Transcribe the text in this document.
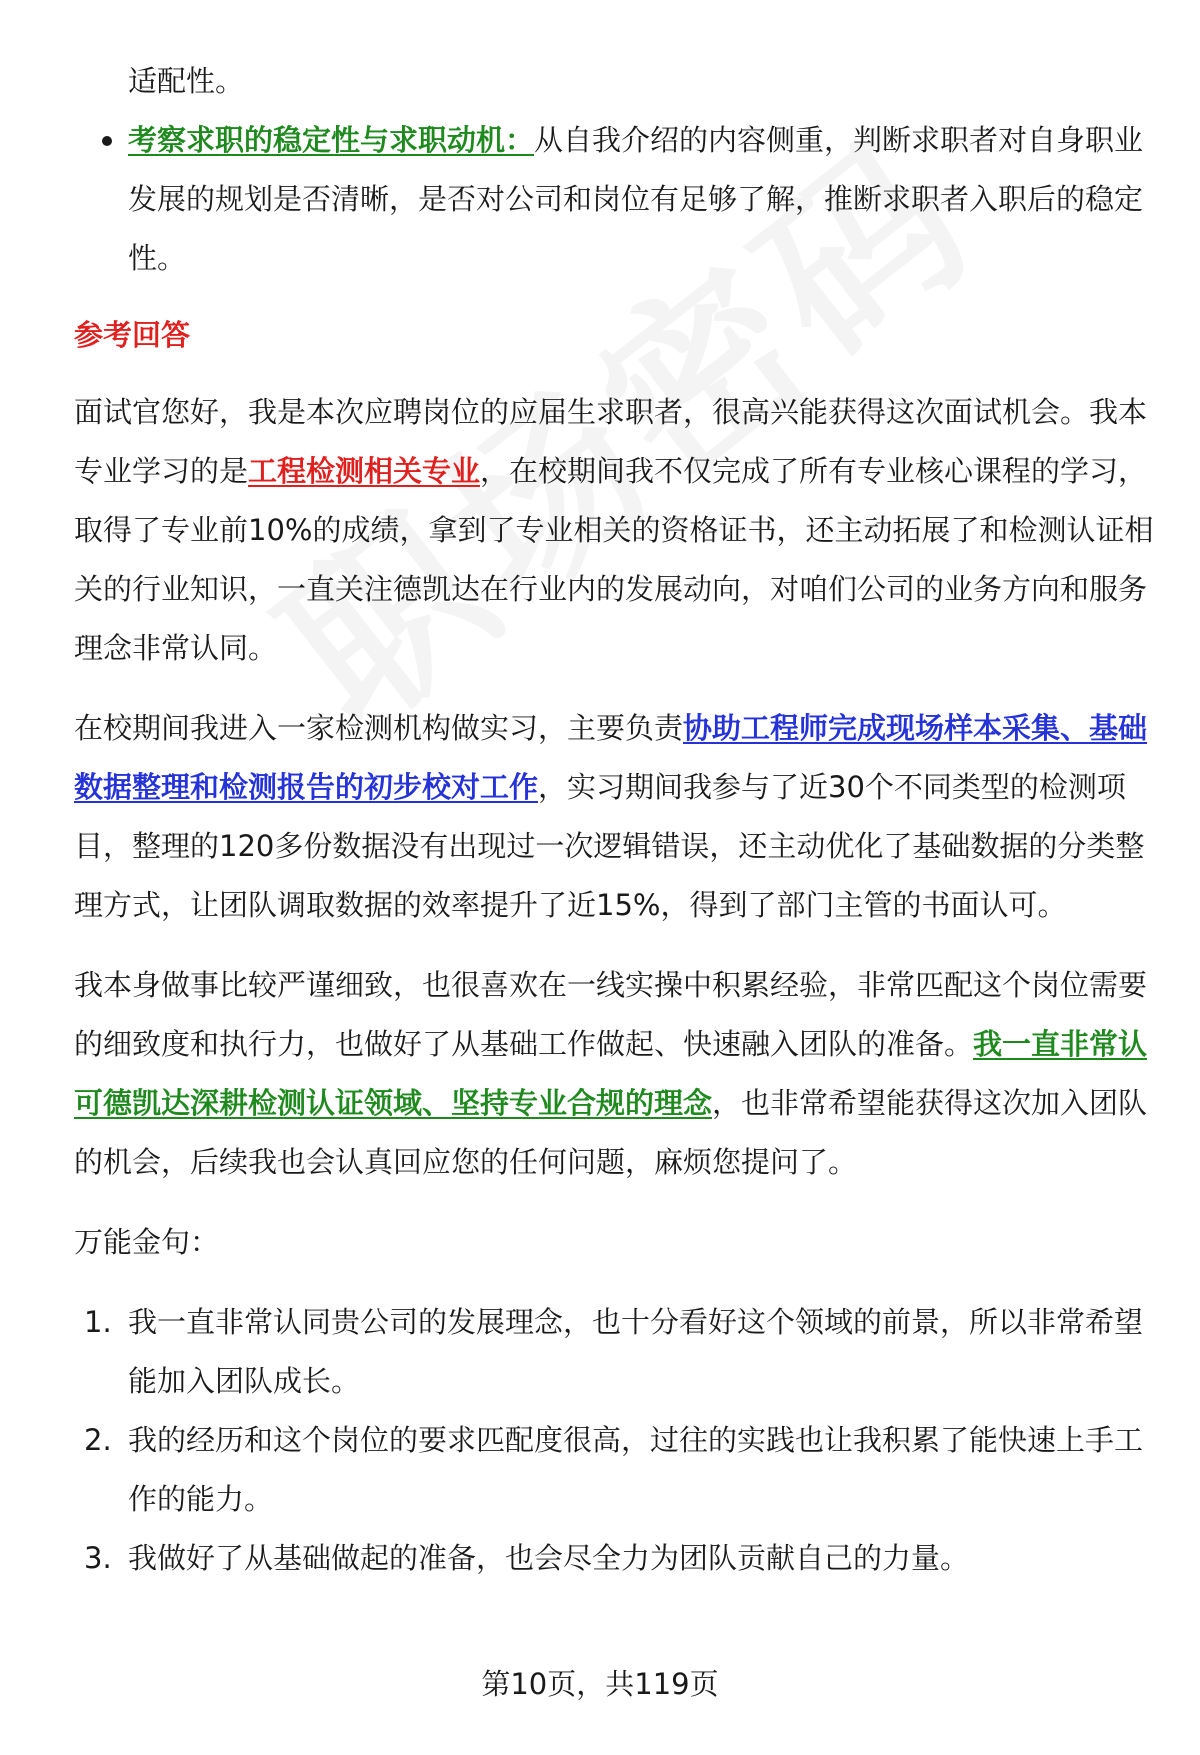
适配性。

考察求职的稳定性与求职动机：从自我介绍的内容侧重，判断求职者对自身职业发展的规划是否清晰，是否对公司和岗位有足够了解，推断求职者入职后的稳定性。

参考回答

面试官您好，我是本次应聘岗位的应届生求职者，很高兴能获得这次面试机会。我本专业学习的是工程检测相关专业，在校期间我不仅完成了所有专业核心课程的学习，取得了专业前10%的成绩，拿到了专业相关的资格证书，还主动拓展了和检测认证相关的行业知识，一直关注德凯达在行业内的发展动向，对咱们公司的业务方向和服务理念非常认同。

在校期间我进入一家检测机构做实习，主要负责协助工程师完成现场样本采集、基础数据整理和检测报告的初步校对工作，实习期间我参与了近30个不同类型的检测项目，整理的120多份数据没有出现过一次逻辑错误，还主动优化了基础数据的分类整理方式，让团队调取数据的效率提升了近15%，得到了部门主管的书面认可。

我本身做事比较严谨细致，也很喜欢在一线实操中积累经验，非常匹配这个岗位需要的细致度和执行力，也做好了从基础工作做起、快速融入团队的准备。我一直非常认可德凯达深耕检测认证领域、坚持专业合规的理念，也非常希望能获得这次加入团队的机会，后续我也会认真回应您的任何问题，麻烦您提问了。

万能金句：

1. 我一直非常认同贵公司的发展理念，也十分看好这个领域的前景，所以非常希望能加入团队成长。

2. 我的经历和这个岗位的要求匹配度很高，过往的实践也让我积累了能快速上手工作的能力。

3. 我做好了从基础做起的准备，也会尽全力为团队贡献自己的力量。

第10页，共119页
